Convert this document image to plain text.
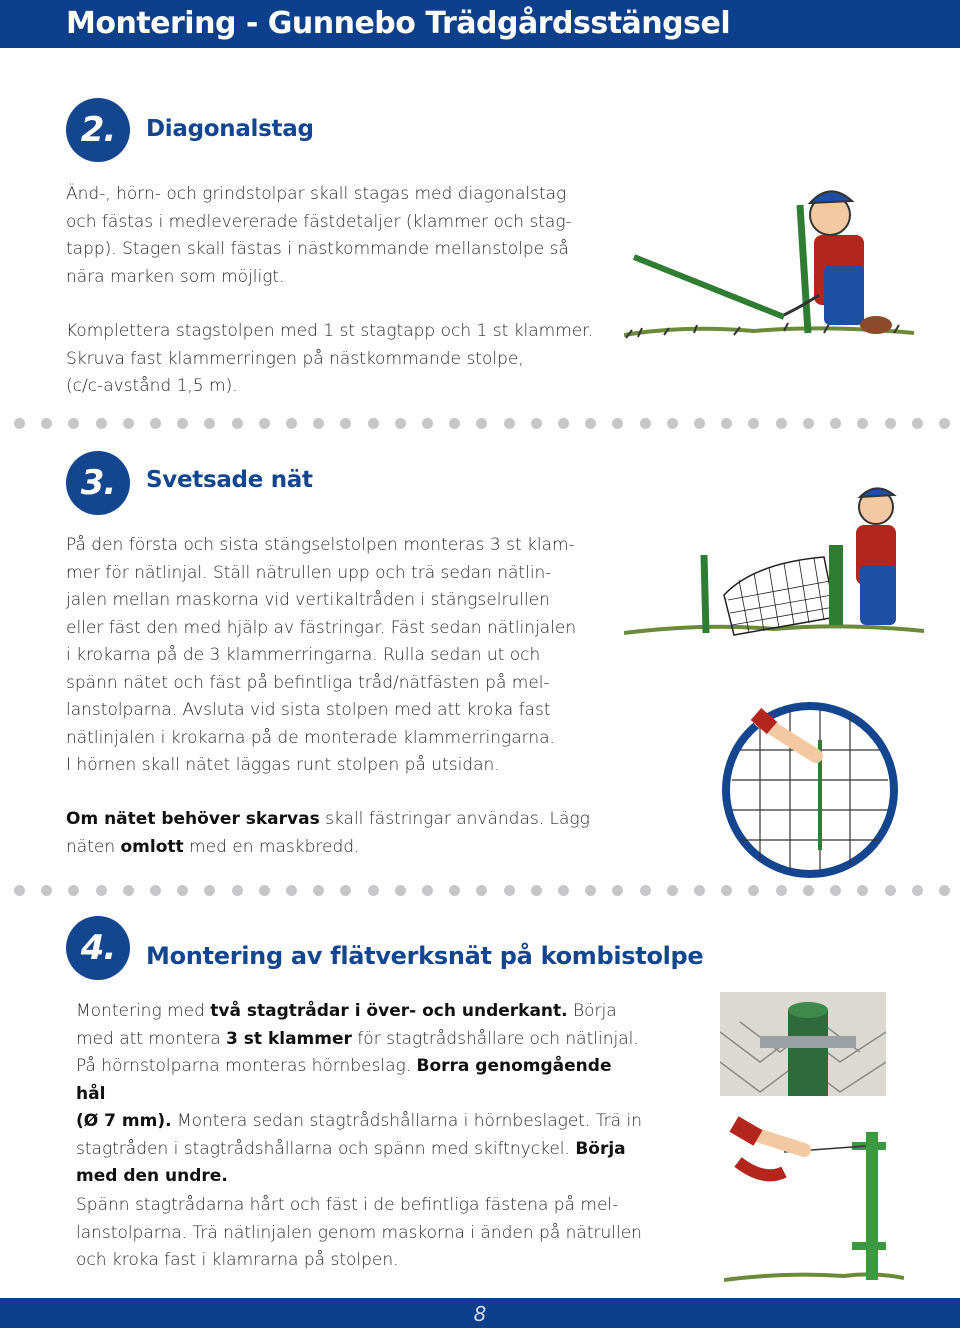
Montering - Gunnebo Trädgårdsstängsel
2.	Diagonalstag

Änd-, hörn- och grindstolpar skall stagas med diagonalstag

och fästas i medlevererade fästdetaljer (klammer och stag-

tapp). Stagen skall fästas i nästkommande mellanstolpe så

nära marken som möjligt.

Komplettera stagstolpen med 1 st stagtapp och 1 st klammer.

Skruva fast klammerringen på nästkommande stolpe,

(c/c-avstånd 1,5 m).

3.	Svetsade nät

På den första och sista stängselstolpen monteras 3 st klam-

mer för nätlinjal. Ställ nätrullen upp och trä sedan nätlin-

jalen mellan maskorna vid vertikaltråden i stängselrullen

eller fäst den med hjälp av fästringar. Fäst sedan nätlinjalen

i krokarna på de 3 klammerringarna. Rulla sedan ut och

spänn nätet och fäst på befintliga tråd/nätfästen på mel-

lanstolparna. Avsluta vid sista stolpen med att kroka fast

nätlinjalen i krokarna på de monterade klammerringarna.

I hörnen skall nätet läggas runt stolpen på utsidan.

Om nätet behöver skarvas skall fästringar användas. Lägg

näten omlott med en maskbredd.

4.	Montering av flätverksnät på kombistolpe

Montering med två stagtrådar i över- och underkant. Börja

med att montera 3 st klammer för stagtrådshållare och nätlinjal.

På hörnstolparna monteras hörnbeslag. Borra genomgående hål

(Ø 7 mm). Montera sedan stagtrådshållarna i hörnbeslaget. Trä in

stagtråden i stagtrådshållarna och spänn med skiftnyckel. Börja

med den undre.

Spänn stagtrådarna hårt och fäst i de befintliga fästena på mel-

lanstolparna. Trä nätlinjalen genom maskorna i änden på nätrullen

och kroka fast i klamrarna på stolpen.

8
